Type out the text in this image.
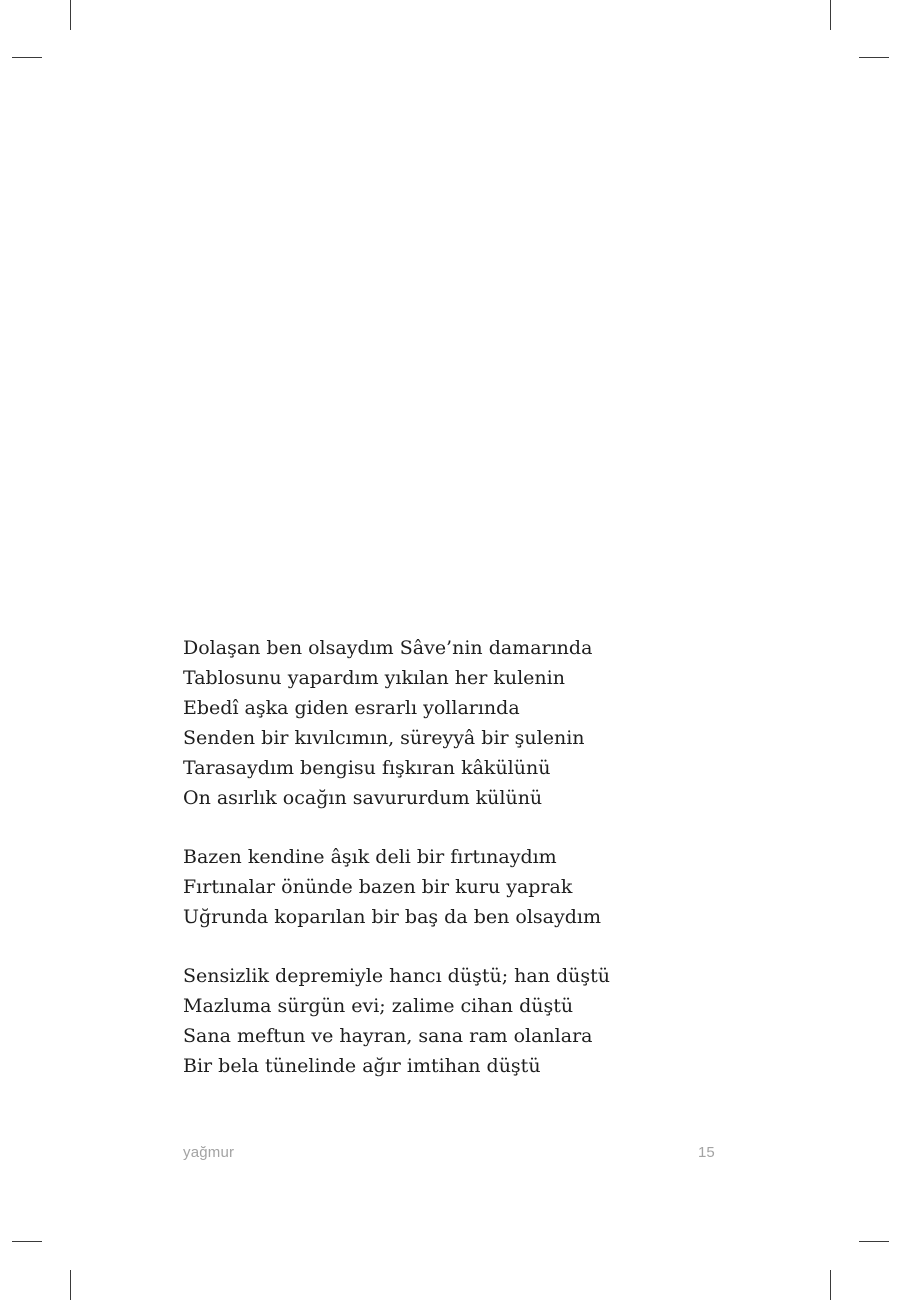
Dolaşan ben olsaydım Sâve’nin damarında
Tablosunu yapardım yıkılan her kulenin
Ebedî aşka giden esrarlı yollarında
Senden bir kıvılcımın, süreyyâ bir şulenin
Tarasaydım bengisu fışkıran kâkülünü
On asırlık ocağın savururdum külünü
Bazen kendine âşık deli bir fırtınaydım
Fırtınalar önünde bazen bir kuru yaprak
Uğrunda koparılan bir baş da ben olsaydım
Sensizlik depremiyle hancı düştü; han düştü
Mazluma sürgün evi; zalime cihan düştü
Sana meftun ve hayran, sana ram olanlara
Bir bela tünelinde ağır imtihan düştü
yağmur	15
